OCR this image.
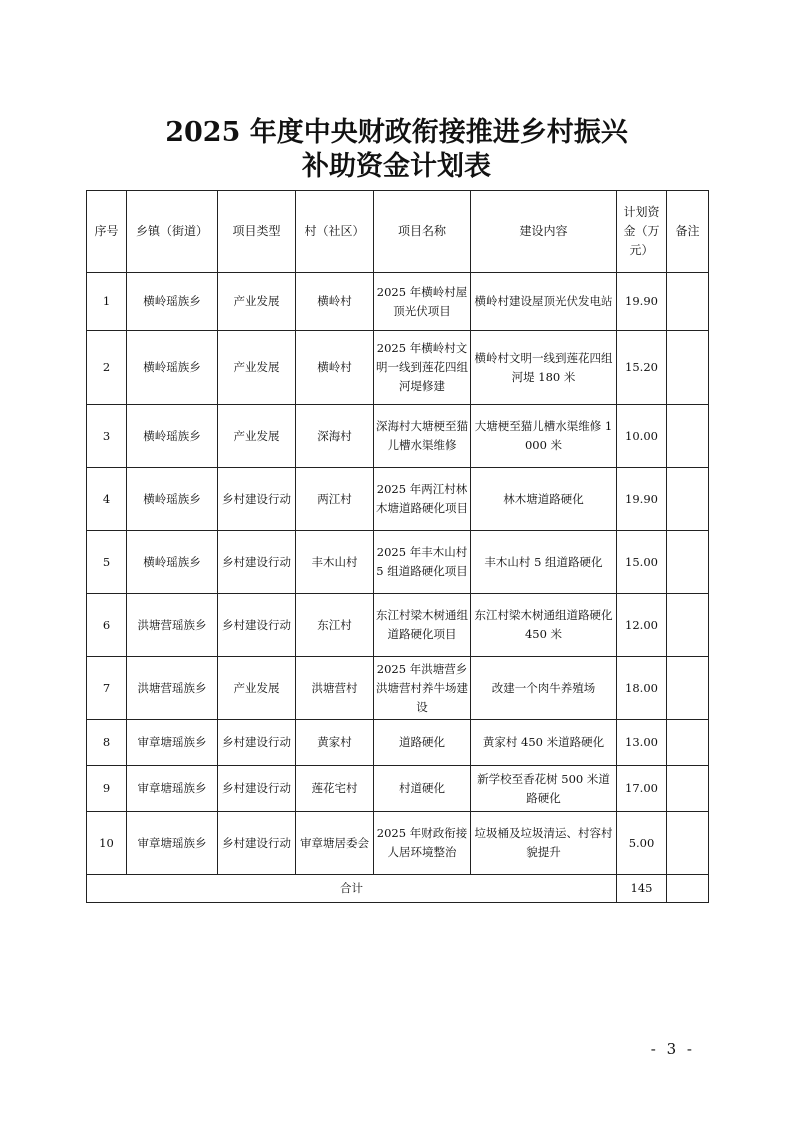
2025 年度中央财政衔接推进乡村振兴
补助资金计划表
序号	乡镇（街道）	项目类型	村（社区）	项目名称	建设内容	计划资金（万元）	备注
1	横岭瑶族乡	产业发展	横岭村	2025 年横岭村屋顶光伏项目	横岭村建设屋顶光伏发电站	19.90	
2	横岭瑶族乡	产业发展	横岭村	2025 年横岭村文明一线到莲花四组河堤修建	横岭村文明一线到莲花四组河堤 180 米	15.20	
3	横岭瑶族乡	产业发展	深海村	深海村大塘梗至猫儿槽水渠维修	大塘梗至猫儿槽水渠维修 1000 米	10.00	
4	横岭瑶族乡	乡村建设行动	两江村	2025 年两江村林木塘道路硬化项目	林木塘道路硬化	19.90	
5	横岭瑶族乡	乡村建设行动	丰木山村	2025 年丰木山村 5 组道路硬化项目	丰木山村 5 组道路硬化	15.00	
6	洪塘营瑶族乡	乡村建设行动	东江村	东江村梁木树通组道路硬化项目	东江村梁木树通组道路硬化 450 米	12.00	
7	洪塘营瑶族乡	产业发展	洪塘营村	2025 年洪塘营乡洪塘营村养牛场建设	改建一个肉牛养殖场	18.00	
8	审章塘瑶族乡	乡村建设行动	黄家村	道路硬化	黄家村 450 米道路硬化	13.00	
9	审章塘瑶族乡	乡村建设行动	莲花宅村	村道硬化	新学校至香花树 500 米道路硬化	17.00	
10	审章塘瑶族乡	乡村建设行动	审章塘居委会	2025 年财政衔接人居环境整治	垃圾桶及垃圾清运、村容村貌提升	5.00	
合计						145	
- 3 -
